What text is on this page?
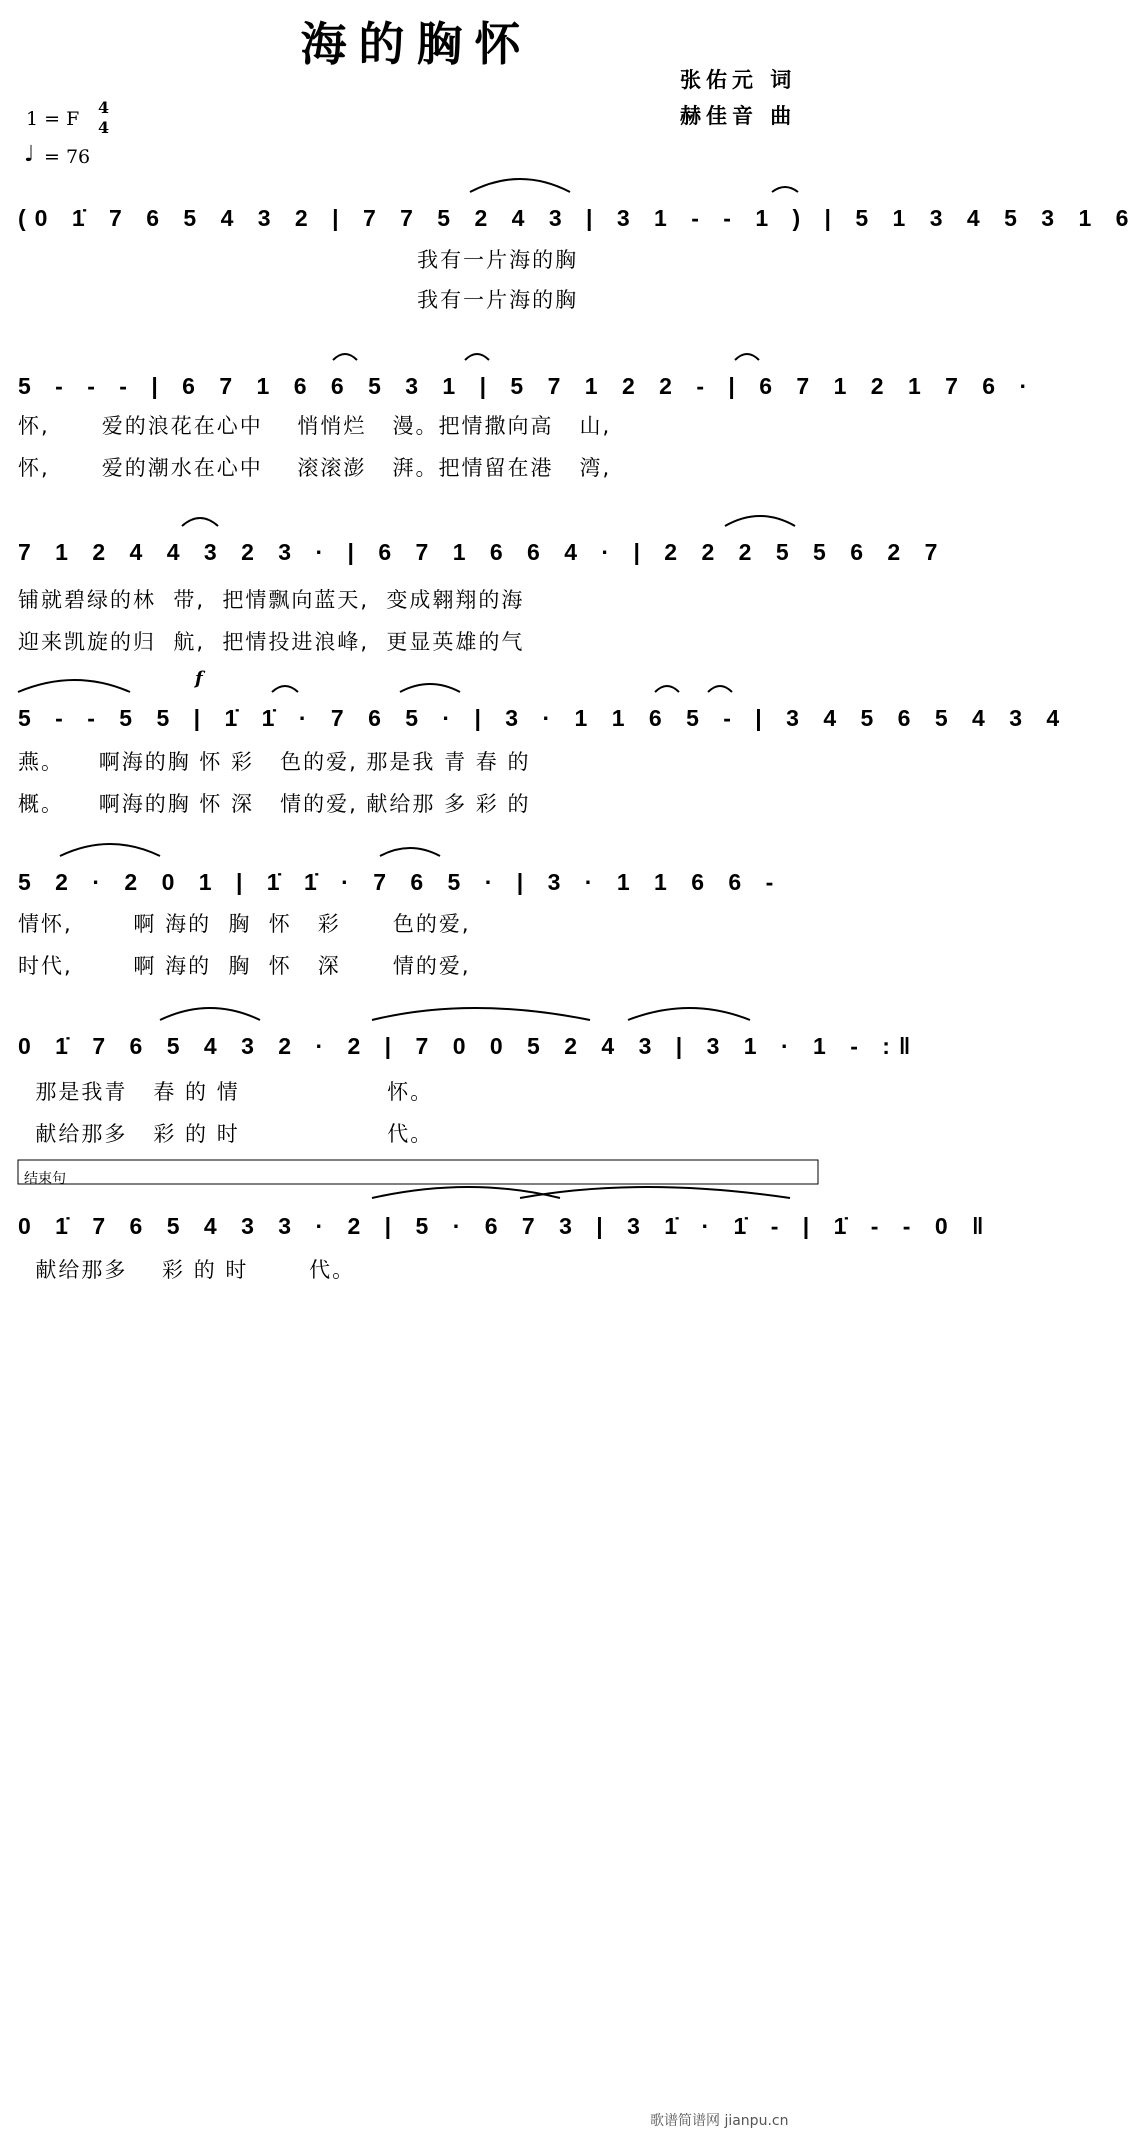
海的胸怀
张佑元 词
赫佳音 曲
1 = F
4
4
♩ = 76
(0 1̇ 7 6 5 4 3 2 | 7 7 5 2 4 3 | 3 1 - - 1 ) | 5 1 3 4 5 3 1 6
我有一片海的胸
我有一片海的胸
5 - - - | 6 7 1 6 6 5 3 1 | 5 7 1 2 2 - | 6 7 1 2 1 7 6 ·
怀,      爱的浪花在心中    悄悄烂   漫。把情撒向高   山,
怀,      爱的潮水在心中    滚滚澎   湃。把情留在港   湾,
7 1 2 4 4 3 2 3 · | 6 7 1 6 6 4 · | 2 2 2 5 5 6 2 7
铺就碧绿的林  带,  把情飘向蓝天,  变成翱翔的海
迎来凯旋的归  航,  把情投进浪峰,  更显英雄的气
f
5 - - 5 5 | 1̇ 1̇ · 7 6 5 · | 3 · 1 1 6 5 - | 3 4 5 6 5 4 3 4
燕。    啊海的胸 怀 彩   色的爱, 那是我 青 春 的
概。    啊海的胸 怀 深   情的爱, 献给那 多 彩 的
5 2 · 2 0 1 | 1̇ 1̇ · 7 6 5 · | 3 · 1 1 6 6 -
情怀,       啊 海的  胸  怀   彩      色的爱,
时代,       啊 海的  胸  怀   深      情的爱,
0 1̇ 7 6 5 4 3 2 · 2 | 7 0 0 5 2 4 3 | 3 1 · 1 - :‖
那是我青   春 的 情                 怀。
献给那多   彩 的 时                 代。
结束句
0 1̇ 7 6 5 4 3 3 · 2 | 5 · 6 7 3 | 3 1̇ · 1̇ - | 1̇ - - 0 ‖
献给那多    彩 的 时       代。
歌谱简谱网 jianpu.cn
